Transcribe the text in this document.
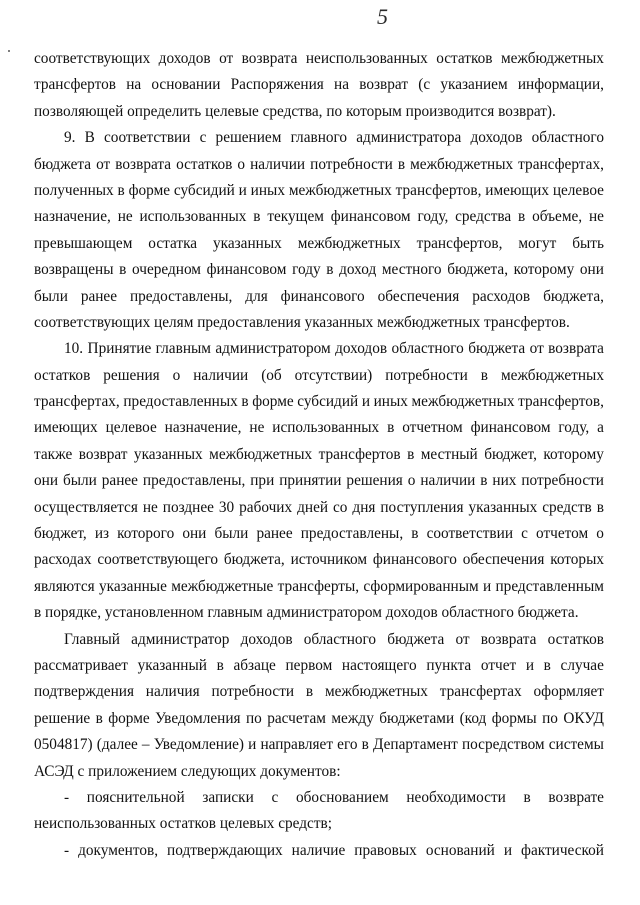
5
соответствующих доходов от возврата неиспользованных остатков межбюджетных
трансфертов на основании Распоряжения на возврат (с указанием информации,
позволяющей определить целевые средства, по которым производится возврат).
9. В соответствии с решением главного администратора доходов областного
бюджета от возврата остатков о наличии потребности в межбюджетных трансфертах,
полученных в форме субсидий и иных межбюджетных трансфертов, имеющих целевое
назначение, не использованных в текущем финансовом году, средства в объеме, не
превышающем остатка указанных межбюджетных трансфертов, могут быть
возвращены в очередном финансовом году в доход местного бюджета, которому они
были ранее предоставлены, для финансового обеспечения расходов бюджета,
соответствующих целям предоставления указанных межбюджетных трансфертов.
10. Принятие главным администратором доходов областного бюджета от возврата
остатков решения о наличии (об отсутствии) потребности в межбюджетных
трансфертах, предоставленных в форме субсидий и иных межбюджетных трансфертов,
имеющих целевое назначение, не использованных в отчетном финансовом году, а
также возврат указанных межбюджетных трансфертов в местный бюджет, которому
они были ранее предоставлены, при принятии решения о наличии в них потребности
осуществляется не позднее 30 рабочих дней со дня поступления указанных средств в
бюджет, из которого они были ранее предоставлены, в соответствии с отчетом о
расходах соответствующего бюджета, источником финансового обеспечения которых
являются указанные межбюджетные трансферты, сформированным и представленным
в порядке, установленном главным администратором доходов областного бюджета.
Главный администратор доходов областного бюджета от возврата остатков
рассматривает указанный в абзаце первом настоящего пункта отчет и в случае
подтверждения наличия потребности в межбюджетных трансфертах оформляет
решение в форме Уведомления по расчетам между бюджетами (код формы по ОКУД
0504817) (далее – Уведомление) и направляет его в Департамент посредством системы
АСЭД с приложением следующих документов:
- пояснительной записки с обоснованием необходимости в возврате
неиспользованных остатков целевых средств;
- документов, подтверждающих наличие правовых оснований и фактической
